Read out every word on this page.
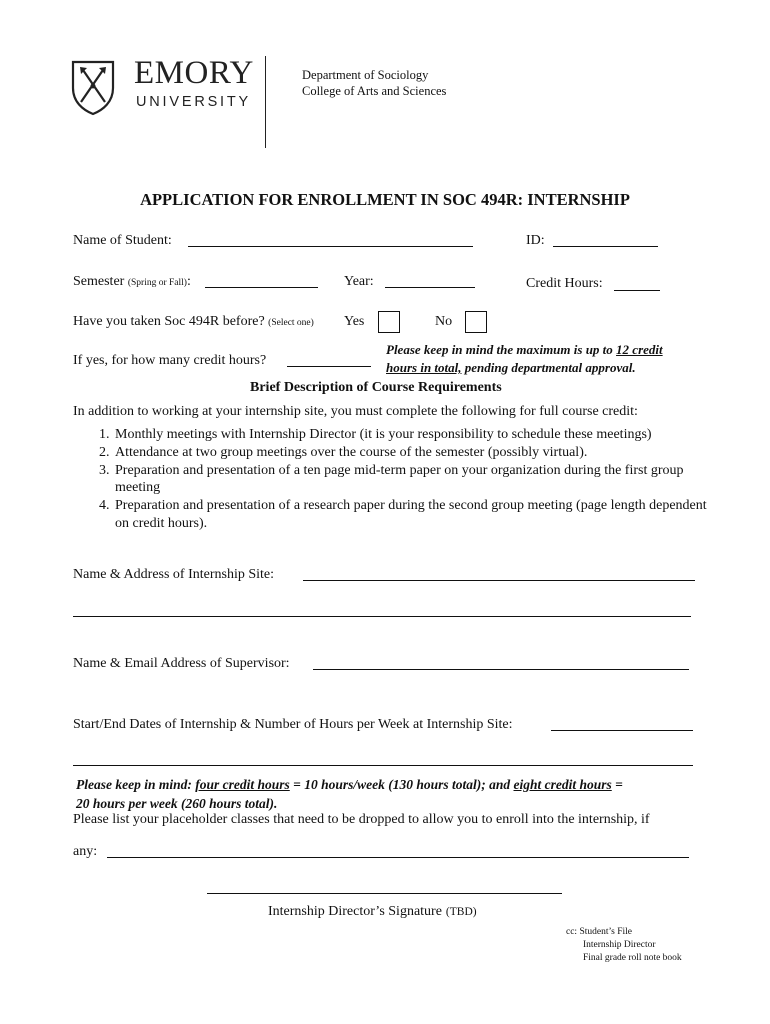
EMORY
UNIVERSITY
Department of Sociology
College of Arts and Sciences
APPLICATION FOR ENROLLMENT IN SOC 494R: INTERNSHIP
Name of Student:	ID:
Semester (Spring or Fall):	Year:	Credit Hours:
Have you taken Soc 494R before? (Select one) Yes	No
If yes, for how many credit hours?
Please keep in mind the maximum is up to 12 credit
hours in total, pending departmental approval.
Brief Description of Course Requirements
In addition to working at your internship site, you must complete the following for full course credit:
1. Monthly meetings with Internship Director (it is your responsibility to schedule these meetings)
2. Attendance at two group meetings over the course of the semester (possibly virtual).
3. Preparation and presentation of a ten page mid-term paper on your organization during the first group meeting
4. Preparation and presentation of a research paper during the second group meeting (page length dependent on credit hours).
Name & Address of Internship Site:
Name & Email Address of Supervisor:
Start/End Dates of Internship & Number of Hours per Week at Internship Site:
Please keep in mind: four credit hours = 10 hours/week (130 hours total); and eight credit hours =
20 hours per week (260 hours total).
Please list your placeholder classes that need to be dropped to allow you to enroll into the internship, if
any:
Internship Director’s Signature (TBD)
cc: Student’s File
Internship Director
Final grade roll note book
